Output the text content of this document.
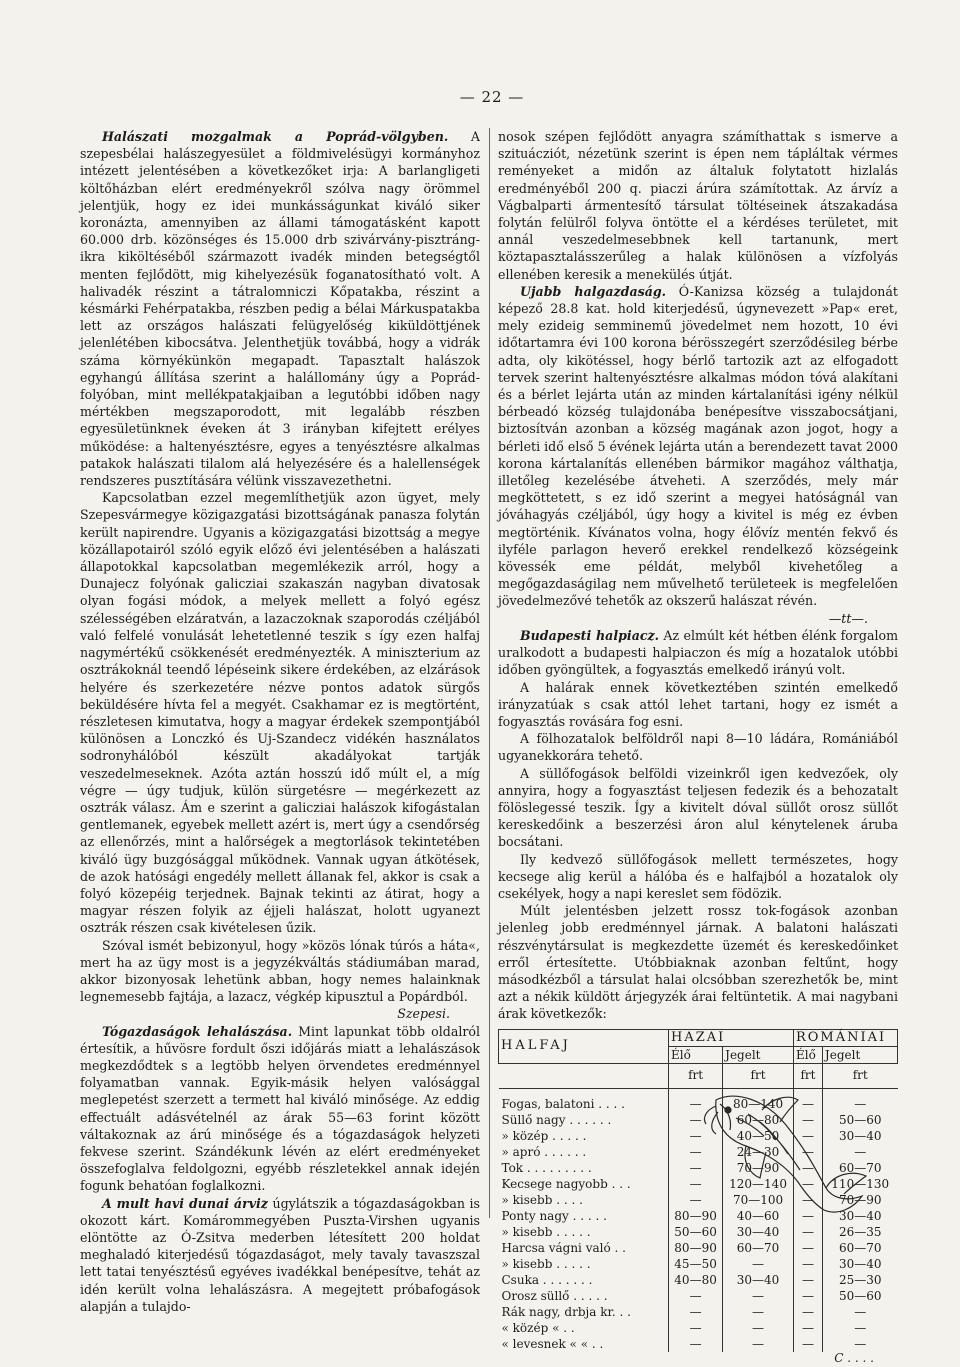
— 22 —

Halászati mozgalmak a Poprád-völgyben. A szepesbélai halászegyesület a földmivelésügyi kormányhoz intézett jelentésében a következőket irja: A barlangligeti költőházban elért eredményekről szólva nagy örömmel jelentjük, hogy ez idei munkásságunkat kiváló siker koronázta, amennyiben az állami támogatásként kapott 60.000 drb. közönséges és 15.000 drb szivárvány-pisztráng-ikra kiköltéséből származott ivadék minden betegségtől menten fejlődött, mig kihelyezésük foganatosítható volt. A halivadék részint a tátralomniczi Kőpatakba, részint a késmárki Fehérpatakba, részben pedig a bélai Márkuspatakba lett az országos halászati felügyelőség kiküldöttjének jelenlétében kibocsátva. Jelenthetjük továbbá, hogy a vidrák száma környékünkön megapadt. Tapasztalt halászok egyhangú állítása szerint a halállomány úgy a Poprád-folyóban, mint mellékpatakjaiban a legutóbbi időben nagy mértékben megszaporodott, mit legalább részben egyesületünknek éveken át 3 irányban kifejtett erélyes működése: a haltenyésztésre, egyes a tenyésztésre alkalmas patakok halászati tilalom alá helyezésére és a halellenségek rendszeres pusztítására vélünk visszavezethetni.

Kapcsolatban ezzel megemlíthetjük azon ügyet, mely Szepesvármegye közigazgatási bizottságának panasza folytán került napirendre. Ugyanis a közigazgatási bizottság a megye közállapotairól szóló egyik előző évi jelentésében a halászati állapotokkal kapcsolatban megemlékezik arról, hogy a Dunajecz folyónak galicziai szakaszán nagyban divatosak olyan fogási módok, a melyek mellett a folyó egész szélességében elzáratván, a lazaczoknak szaporodás czéljából való felfelé vonulását lehetetlenné teszik s így ezen halfaj nagymértékű csökkenését eredményezték. A miniszterium az osztrákoknál teendő lépéseink sikere érdekében, az elzárások helyére és szerkezetére nézve pontos adatok sürgős beküldésére hívta fel a megyét. Csakhamar ez is megtörtént, részletesen kimutatva, hogy a magyar érdekek szempontjából különösen a Lonczkó és Uj-Szandecz vidékén használatos sodronyhálóból készült akadályokat tartják veszedelmeseknek. Azóta aztán hosszú idő múlt el, a míg végre — úgy tudjuk, külön sürgetésre — megérkezett az osztrák válasz. Ám e szerint a galicziai halászok kifogástalan gentlemanek, egyebek mellett azért is, mert úgy a csendőrség az ellenőrzés, mint a halőrségek a megtorlások tekintetében kiváló ügy buzgósággal működnek. Vannak ugyan átkötések, de azok hatósági engedély mellett állanak fel, akkor is csak a folyó közepéig terjednek. Bajnak tekinti az átirat, hogy a magyar részen folyik az éjjeli halászat, holott ugyanezt osztrák részen csak kivételesen űzik.

Szóval ismét bebizonyul, hogy »közös lónak túrós a háta«, mert ha az ügy most is a jegyzékváltás stádiumában marad, akkor bizonyosak lehetünk abban, hogy nemes halainknak legnemesebb fajtája, a lazacz, végkép kipusztul a Popárdból.

Szepesi.

Tógazdaságok lehalászása. Mint lapunkat több oldalról értesítik, a hűvösre fordult őszi időjárás miatt a lehalászások megkezdődtek s a legtöbb helyen örvendetes eredménnyel folyamatban vannak. Egyik-másik helyen valósággal meglepetést szerzett a termett hal kiváló minősége. Az eddig effectuált adásvételnél az árak 55—63 forint között váltakoznak az árú minősége és a tógazdaságok helyzeti fekvese szerint. Szándékunk lévén az elért eredményeket összefoglalva feldolgozni, egyébb részletekkel annak idején fogunk behatóan foglalkozni.

A mult havi dunai árviz úgylátszik a tógazdaságokban is okozott kárt. Komárommegyében Puszta-Virshen ugyanis elöntötte az Ó-Zsitva mederben létesített 200 holdat meghaladó kiterjedésű tógazdaságot, mely tavaly tavaszszal lett tatai tenyésztésű egyéves ivadékkal benépesítve, tehát az idén került volna lehalászásra. A megejtett próbafogások alapján a tulajdo-

nosok szépen fejlődött anyagra számíthattak s ismerve a szituácziót, nézetünk szerint is épen nem tápláltak vérmes reményeket a midőn az általuk folytatott hizlalás eredményéből 200 q. piaczi árúra számítottak. Az árvíz a Vágbalparti ármentesítő társulat töltéseinek átszakadása folytán felülről folyva öntötte el a kérdéses területet, mit annál veszedelmesebbnek kell tartanunk, mert köztapasztalásszerűleg a halak különösen a vízfolyás ellenében keresik a menekülés útját.

Ujabb halgazdaság. Ó-Kanizsa község a tulajdonát képező 28.8 kat. hold kiterjedésű, úgynevezett »Pap« eret, mely ezideig semminemű jövedelmet nem hozott, 10 évi időtartamra évi 100 korona bérösszegért szerződésileg bérbe adta, oly kikötéssel, hogy bérlő tartozik azt az elfogadott tervek szerint haltenyésztésre alkalmas módon tóvá alakítani és a bérlet lejárta után az minden kártalanítási igény nélkül bérbeadó község tulajdonába benépesítve visszabocsátjani, biztosítván azonban a község magának azon jogot, hogy a bérleti idő első 5 évének lejárta után a berendezett tavat 2000 korona kártalanítás ellenében bármikor magához válthatja, illetőleg kezelésébe átveheti. A szerződés, mely már megköttetett, s ez idő szerint a megyei hatóságnál van jóváhagyás czéljából, úgy hogy a kivitel is még ez évben megtörténik. Kívánatos volna, hogy élővíz mentén fekvő és ilyféle parlagon heverő erekkel rendelkező községeink kövessék eme példát, melyből kivehetőleg a megőgazdaságilag nem művelhető területeek is megfelelően jövedelmezővé tehetők az okszerű halászat révén.

—tt—.

Budapesti halpiacz. Az elmúlt két hétben élénk forgalom uralkodott a budapesti halpiaczon és míg a hozatalok utóbbi időben gyöngültek, a fogyasztás emelkedő irányú volt.

A halárak ennek következtében szintén emelkedő irányzatúak s csak attól lehet tartani, hogy ez ismét a fogyasztás rovására fog esni.

A fölhozatalok belföldről napi 8—10 ládára, Romániából ugyanekkorára tehető.

A süllőfogások belföldi vizeinkről igen kedvezőek, oly annyira, hogy a fogyasztást teljesen fedezik és a behozatalt fölöslegessé teszik. Így a kivitelt dóval süllőt orosz süllőt kereskedőink a beszerzési áron alul kénytelenek áruba bocsátani.

Ily kedvező süllőfogások mellett természetes, hogy kecsege alig kerül a hálóba és e halfajból a hozatalok oly csekélyek, hogy a napi kereslet sem födözik.

Múlt jelentésben jelzett rossz tok-fogások azonban jelenleg jobb eredménnyel járnak. A balatoni halászati részvénytársulat is megkezdette üzemét és kereskedőinket erről értesítette. Utóbbiaknak azonban feltűnt, hogy másodkézből a társulat halai olcsóbban szerezhetők be, mint azt a nékik küldött árjegyzék árai feltüntetik. A mai nagybani árak következők:

HALFAJ	HAZAI		ROMÁNIAI	
	Élő	Jegelt	Élő	Jegelt
	frt	frt	frt	frt
Fogas, balatoni . . . .	—	80—140	—	—
Süllő nagy . . . . . .	—	60—80	—	50—60
» közép . . . . .	—	40—50	—	30—40
» apró . . . . . .	—	24—30	—	—
Tok . . . . . . . . .	—	70—90	—	60—70
Kecsege nagyobb . . .	—	120—140	—	110—130
» kisebb . . . .	—	70—100	—	70—90
Ponty nagy . . . . .	80—90	40—60	—	30—40
» kisebb . . . . .	50—60	30—40	—	26—35
Harcsa vágni való . .	80—90	60—70	—	60—70
» kisebb . . . . .	45—50	—	—	30—40
Csuka . . . . . . .	40—80	30—40	—	25—30
Orosz süllő . . . . .	—	—	—	50—60
Rák nagy, drbja kr. . .	—	—	—	—
« közép « . .	—	—	—	—
« levesnek « « . .	—	—	—	—
C . . . .
